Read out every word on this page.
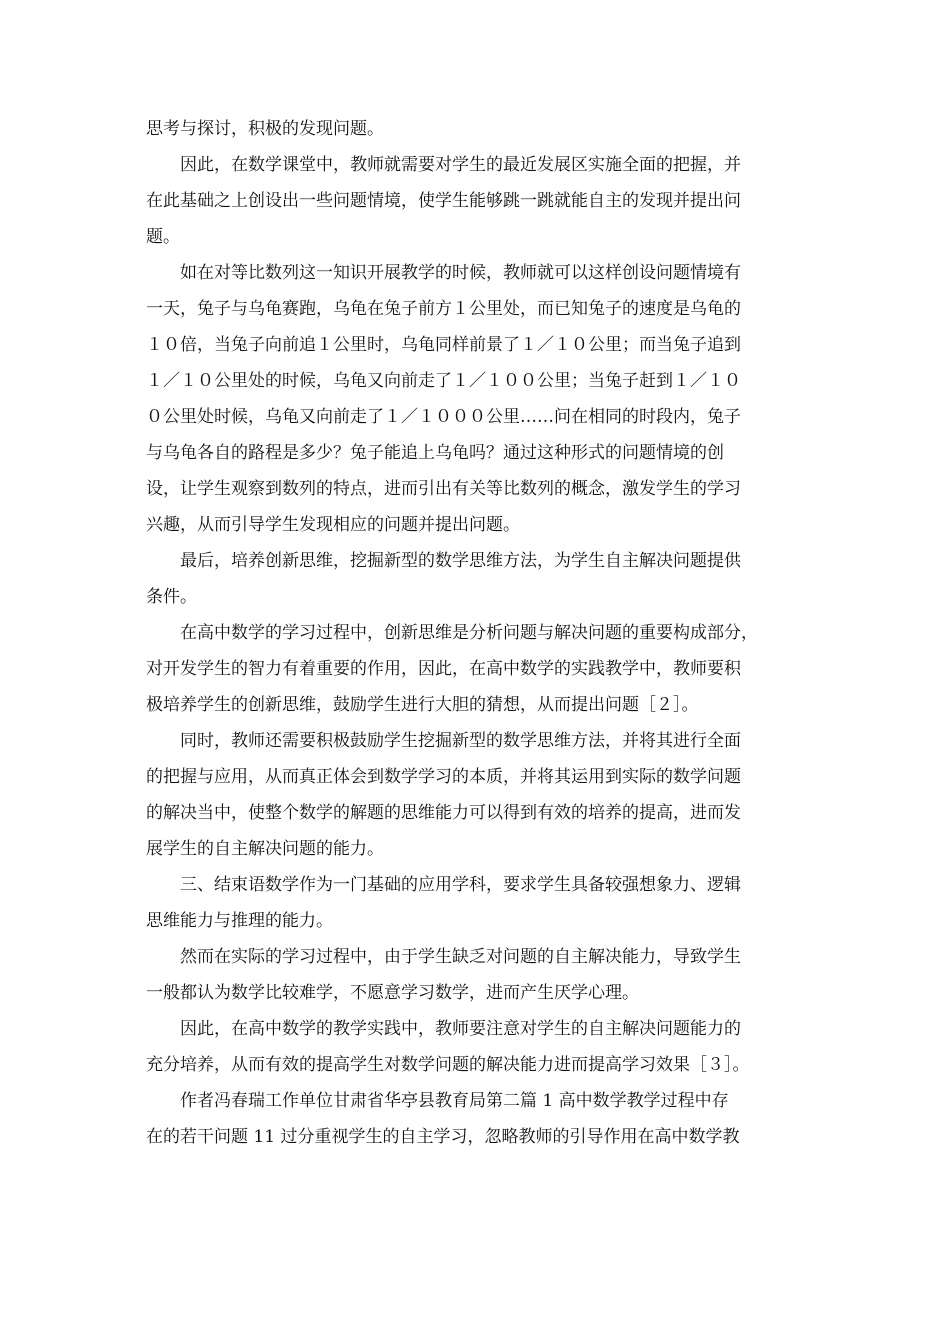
思考与探讨，积极的发现问题。
因此，在数学课堂中，教师就需要对学生的最近发展区实施全面的把握，并
在此基础之上创设出一些问题情境，使学生能够跳一跳就能自主的发现并提出问
题。
如在对等比数列这一知识开展教学的时候，教师就可以这样创设问题情境有
一天，兔子与乌龟赛跑，乌龟在兔子前方１公里处，而已知兔子的速度是乌龟的
１０倍，当兔子向前追１公里时，乌龟同样前景了１／１０公里；而当兔子追到
１／１０公里处的时候，乌龟又向前走了１／１００公里；当兔子赶到１／１０
０公里处时候，乌龟又向前走了１／１０００公里……问在相同的时段内，兔子
与乌龟各自的路程是多少？兔子能追上乌龟吗？通过这种形式的问题情境的创
设，让学生观察到数列的特点，进而引出有关等比数列的概念，激发学生的学习
兴趣，从而引导学生发现相应的问题并提出问题。
最后，培养创新思维，挖掘新型的数学思维方法，为学生自主解决问题提供
条件。
在高中数学的学习过程中，创新思维是分析问题与解决问题的重要构成部分，
对开发学生的智力有着重要的作用，因此，在高中数学的实践教学中，教师要积
极培养学生的创新思维，鼓励学生进行大胆的猜想，从而提出问题［２］。
同时，教师还需要积极鼓励学生挖掘新型的数学思维方法，并将其进行全面
的把握与应用，从而真正体会到数学学习的本质，并将其运用到实际的数学问题
的解决当中，使整个数学的解题的思维能力可以得到有效的培养的提高，进而发
展学生的自主解决问题的能力。
三、结束语数学作为一门基础的应用学科，要求学生具备较强想象力、逻辑
思维能力与推理的能力。
然而在实际的学习过程中，由于学生缺乏对问题的自主解决能力，导致学生
一般都认为数学比较难学，不愿意学习数学，进而产生厌学心理。
因此，在高中数学的教学实践中，教师要注意对学生的自主解决问题能力的
充分培养，从而有效的提高学生对数学问题的解决能力进而提高学习效果［３］。
作者冯春瑞工作单位甘肃省华亭县教育局第二篇 1 高中数学教学过程中存
在的若干问题 11 过分重视学生的自主学习，忽略教师的引导作用在高中数学教
